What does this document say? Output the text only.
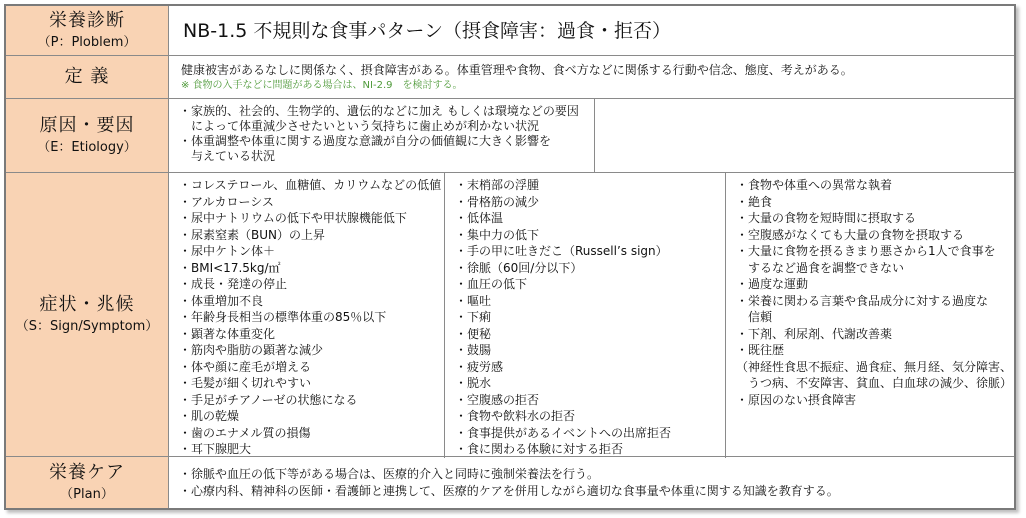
栄養診断
（P：Ploblem）
NB-1.5 不規則な食事パターン（摂食障害：過食・拒否）
定 義	健康被害があるなしに関係なく、摂食障害がある。体重管理や食物、食べ方などに関係する行動や信念、態度、考えがある。
※ 食物の入手などに問題がある場合は、NI-2.9　を検討する。
原因・要因
（E：Etiology）
・家族的、社会的、生物学的、遺伝的などに加え もしくは環境などの要因
　によって体重減少させたいという気持ちに歯止めが利かない状況
・体重調整や体重に関する過度な意識が自分の価値観に大きく影響を
　与えている状況
症状・兆候
（S：Sign/Symptom）
・コレステロール、血糖値、カリウムなどの低値
・アルカローシス
・尿中ナトリウムの低下や甲状腺機能低下
・尿素窒素（BUN）の上昇
・尿中ケトン体＋
・BMI<17.5kg/㎡
・成長・発達の停止
・体重増加不良
・年齢身長相当の標準体重の85％以下
・顕著な体重変化
・筋肉や脂肪の顕著な減少
・体や顔に産毛が増える
・毛髪が細く切れやすい
・手足がチアノーゼの状態になる
・肌の乾燥
・歯のエナメル質の損傷
・耳下腺肥大
・末梢部の浮腫
・骨格筋の減少
・低体温
・集中力の低下
・手の甲に吐きだこ（Russell’s sign）
・徐脈（60回/分以下）
・血圧の低下
・嘔吐
・下痢
・便秘
・鼓腸
・疲労感
・脱水
・空腹感の拒否
・食物や飲料水の拒否
・食事提供があるイベントへの出席拒否
・食に関わる体験に対する拒否
・食物や体重への異常な執着
・絶食
・大量の食物を短時間に摂取する
・空腹感がなくても大量の食物を摂取する
・大量に食物を摂るきまり悪さから1人で食事を
　するなど過食を調整できない
・過度な運動
・栄養に関わる言葉や食品成分に対する過度な
　信頼
・下剤、利尿剤、代謝改善薬
・既往歴
（神経性食思不振症、過食症、無月経、気分障害、
　うつ病、不安障害、貧血、白血球の減少、徐脈）
・原因のない摂食障害
栄養ケア
（Plan）
・徐脈や血圧の低下等がある場合は、医療的介入と同時に強制栄養法を行う。
・心療内科、精神科の医師・看護師と連携して、医療的ケアを併用しながら適切な食事量や体重に関する知識を教育する。
